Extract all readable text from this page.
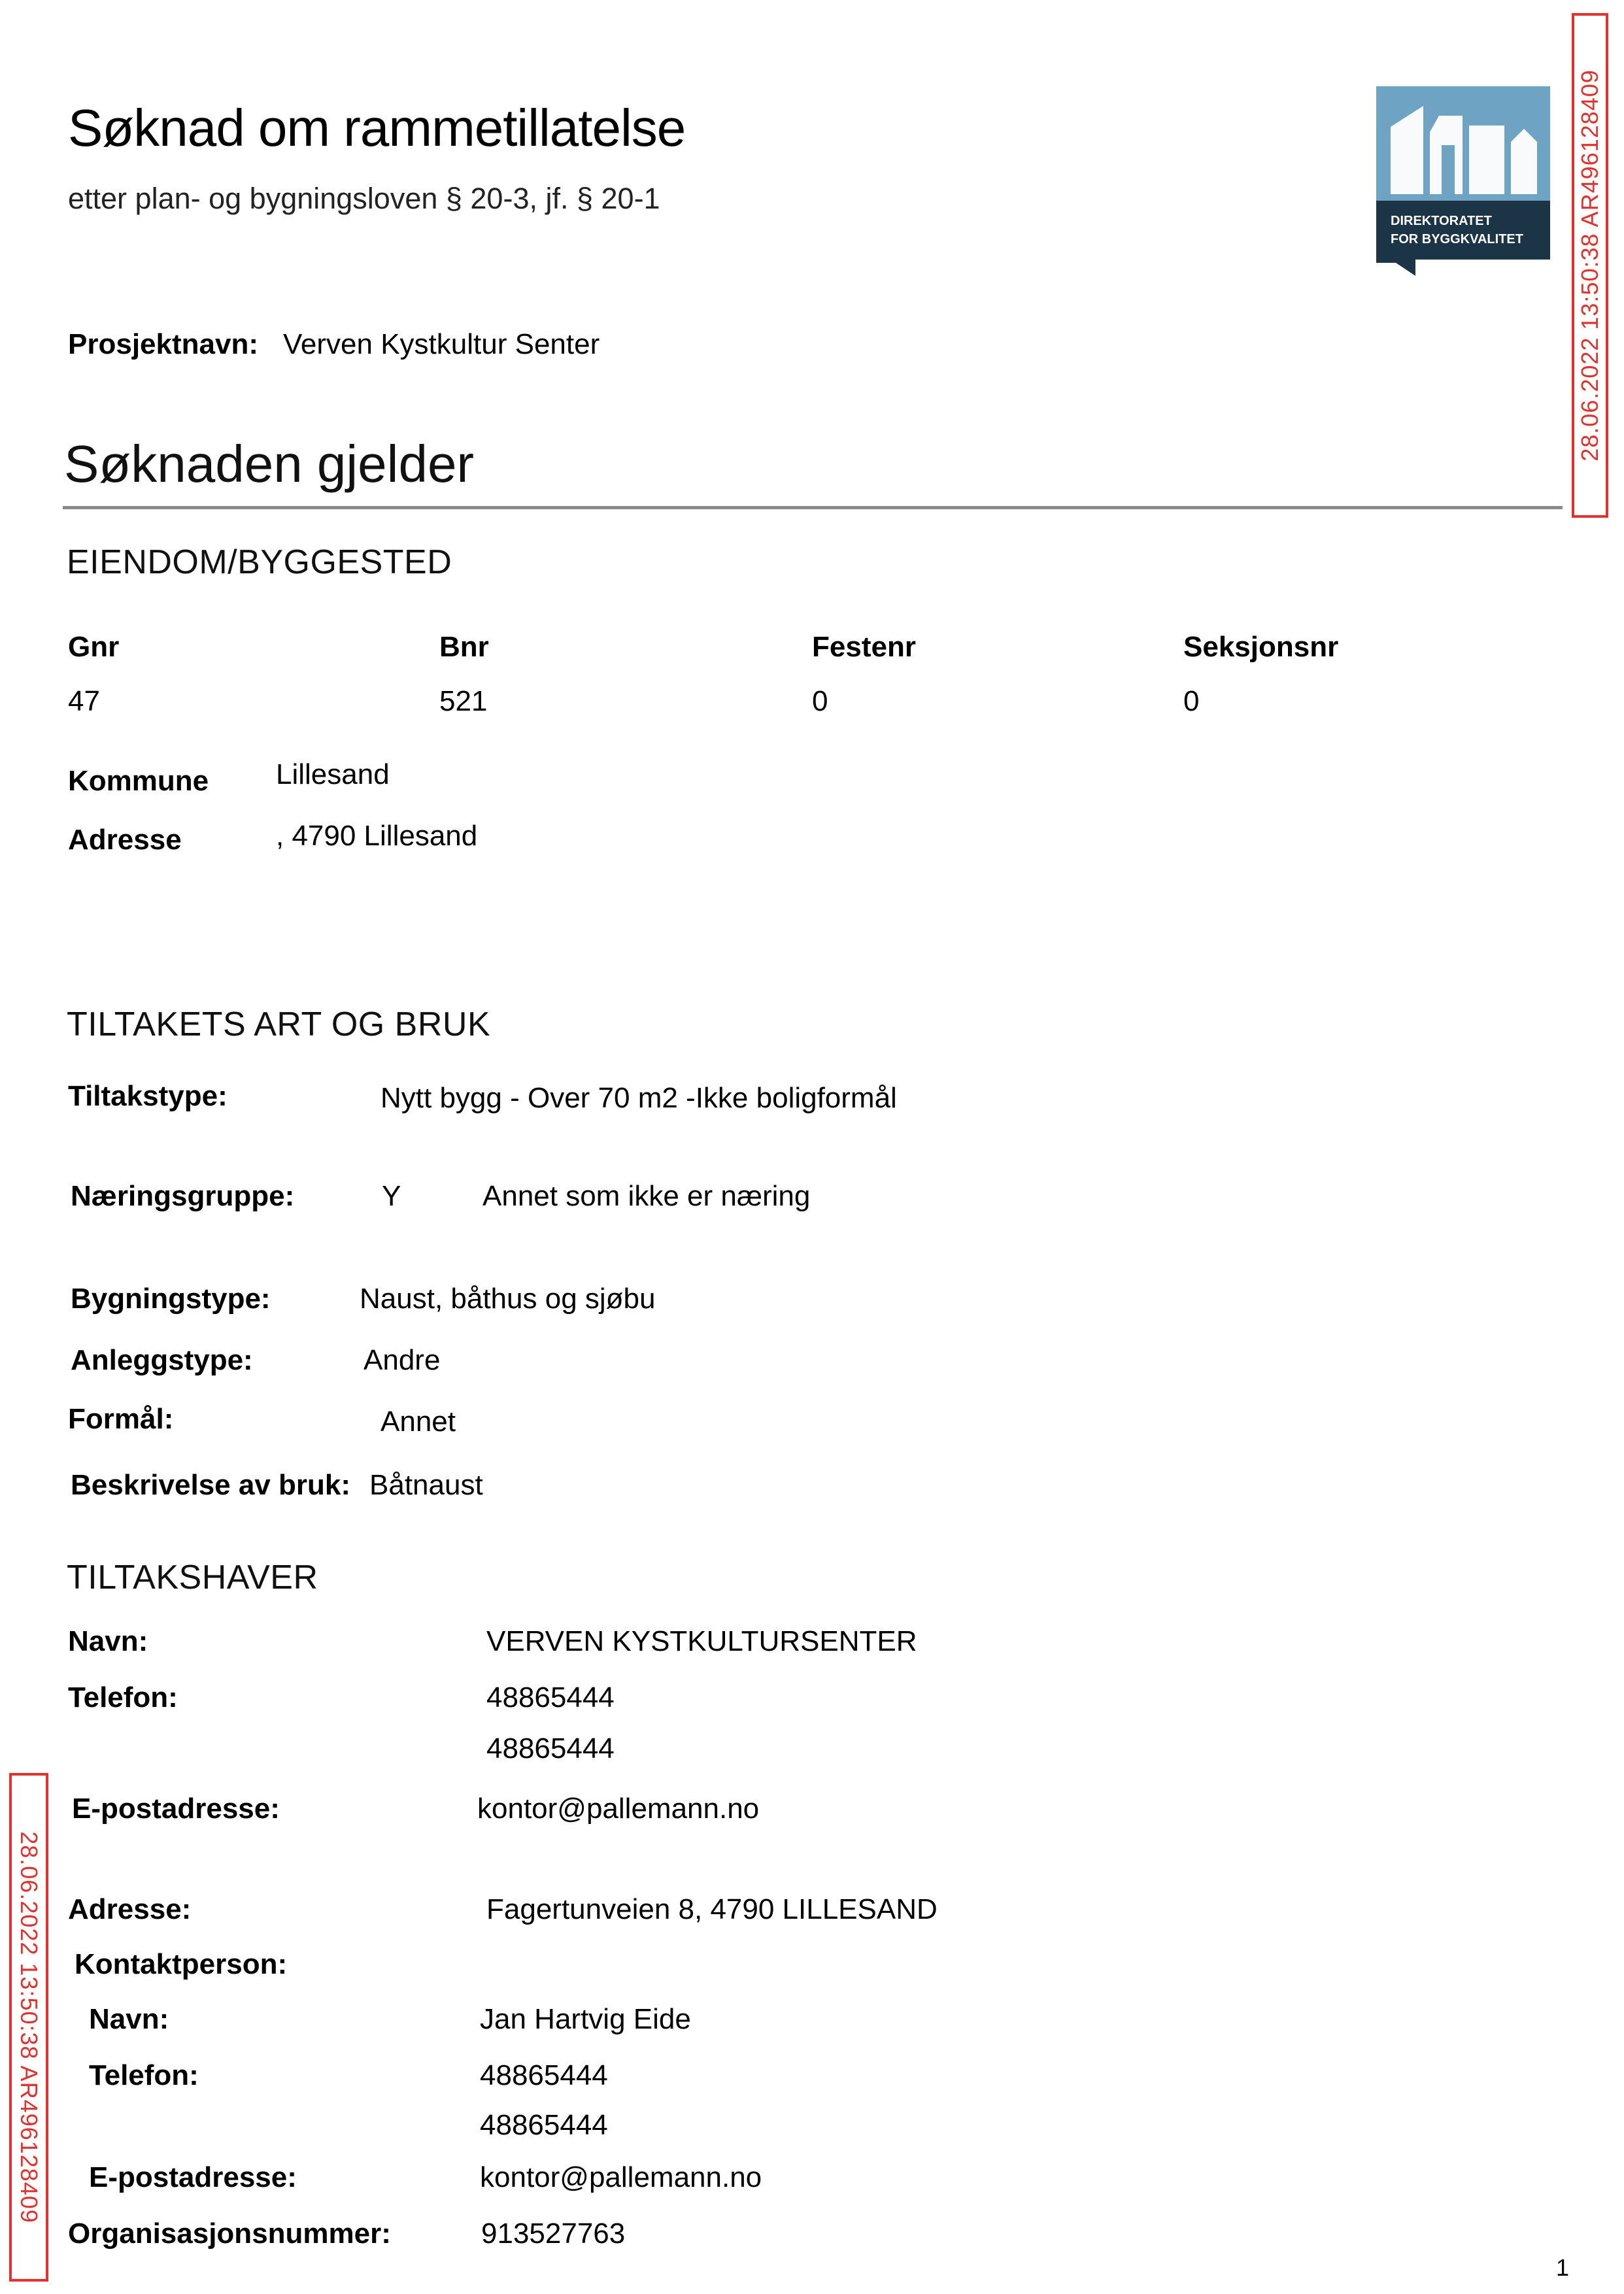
Søknad om rammetillatelse
etter plan- og bygningsloven § 20-3, jf. § 20-1
Prosjektnavn: Verven Kystkultur Senter
DIREKTORATET
FOR BYGGKVALITET 28.06.2022 13:50:38 AR496128409
28.06.2022 13:50:38 AR496128409
Søknaden gjelder
EIENDOM/BYGGESTED
Gnr	Bnr	Festenr	Seksjonsnr
47	521	0	0
Kommune Lillesand
Adresse	, 4790 Lillesand
TILTAKETS ART OG BRUK
Tiltakstype:	Nytt bygg - Over 70 m2 -Ikke boligformål
Næringsgruppe:	Y	Annet som ikke er næring
Bygningstype:	Naust, båthus og sjøbu
Anleggstype:	Andre
Formål:	Annet
Beskrivelse av bruk: Båtnaust
TILTAKSHAVER
Navn:	VERVEN KYSTKULTURSENTER
Telefon:	48865444
48865444
E-postadresse:	kontor@pallemann.no
Adresse:	Fagertunveien 8, 4790 LILLESAND
Kontaktperson:
Navn:	Jan Hartvig Eide
Telefon:	48865444
48865444
E-postadresse:	kontor@pallemann.no
Organisasjonsnummer:	913527763
1
